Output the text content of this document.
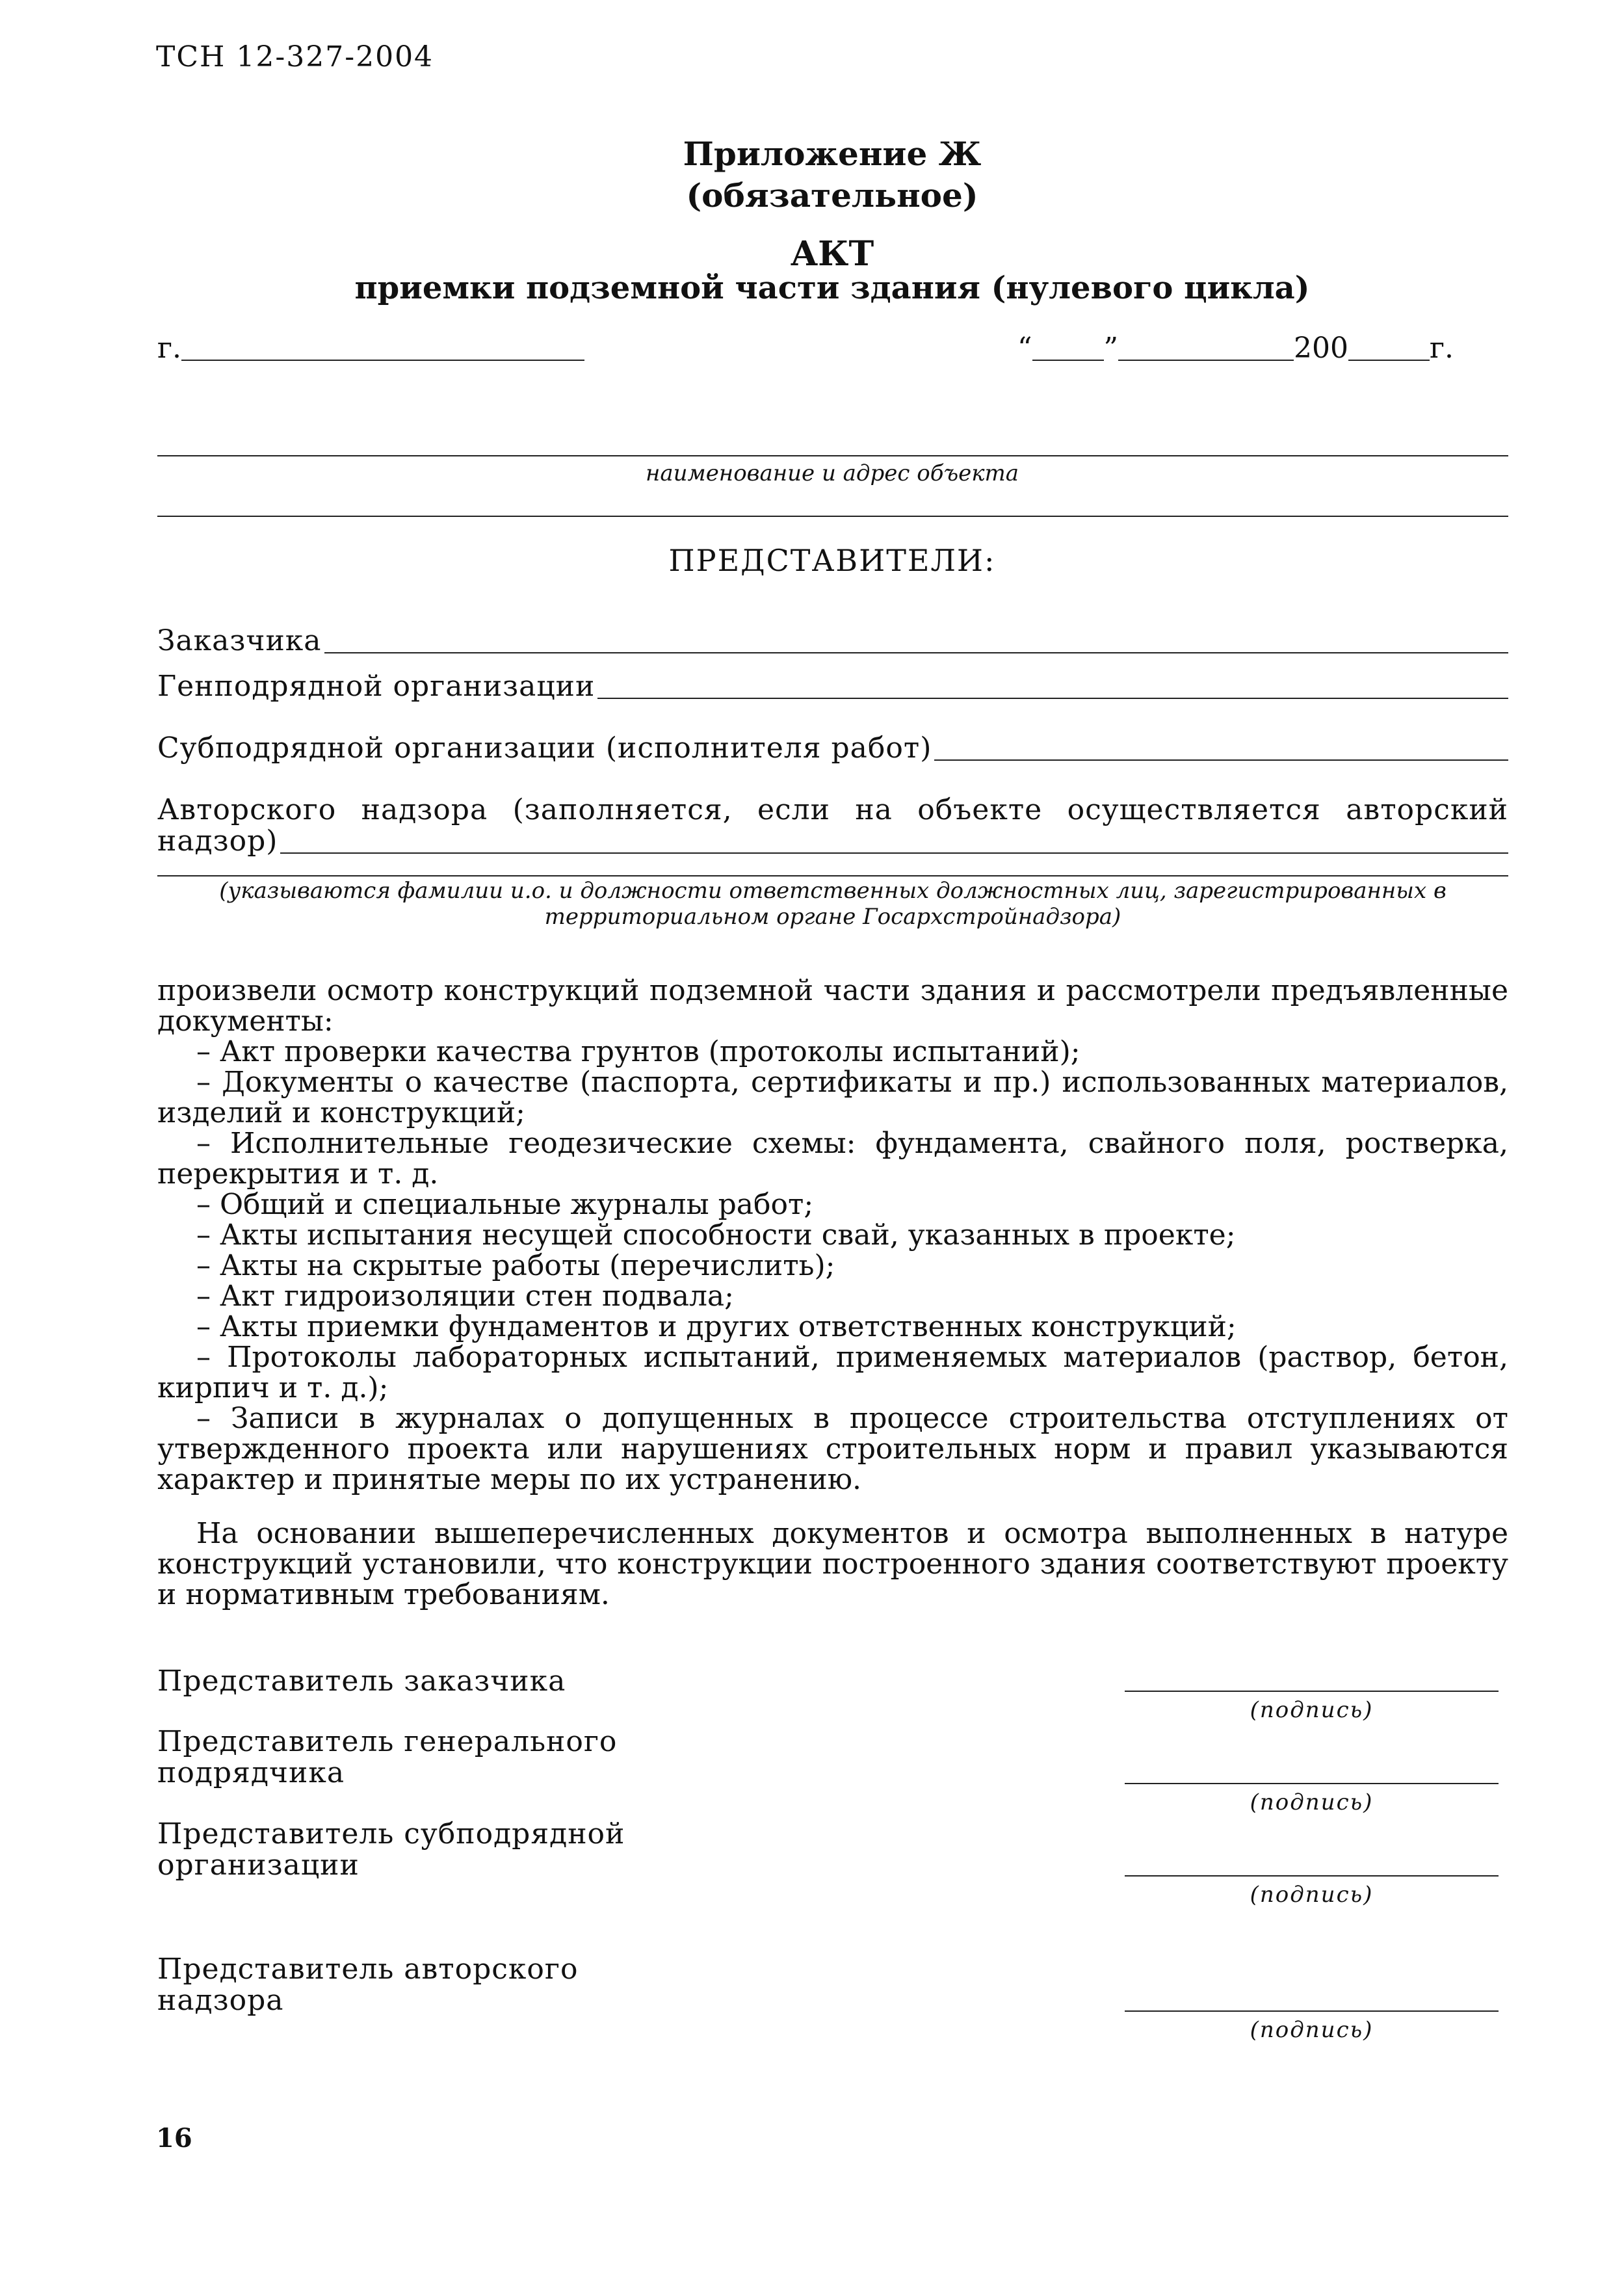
ТСН 12-327-2004
Приложение Ж
(обязательное)
АКТ
приемки подземной части здания (нулевого цикла)
г.	“	”	200	г.
наименование и адрес объекта
ПРЕДСТАВИТЕЛИ:
Заказчика
Генподрядной организации
Субподрядной организации (исполнителя работ)
Авторского надзора (заполняется, если на объекте осуществляется авторский
надзор)
(указываются фамилии и.о. и должности ответственных должностных лиц, зарегистрированных в
территориальном органе Госархстройнадзора)

произвели осмотр конструкций подземной части здания и рассмотрели предъявленные

документы:

– Акт проверки качества грунтов (протоколы испытаний);

– Документы о качестве (паспорта, сертификаты и пр.) использованных материалов,

изделий и конструкций;

– Исполнительные геодезические схемы: фундамента, свайного поля, ростверка,

перекрытия и т. д.

– Общий и специальные журналы работ;

– Акты испытания несущей способности свай, указанных в проекте;

– Акты на скрытые работы (перечислить);

– Акт гидроизоляции стен подвала;

– Акты приемки фундаментов и других ответственных конструкций;

– Протоколы лабораторных испытаний, применяемых материалов (раствор, бетон,

кирпич и т. д.);

– Записи в журналах о допущенных в процессе строительства отступлениях от

утвержденного проекта или нарушениях строительных норм и правил указываются

характер и принятые меры по их устранению.

На основании вышеперечисленных документов и осмотра выполненных в натуре

конструкций установили, что конструкции построенного здания соответствуют проекту

и нормативным требованиям.

Представитель заказчика
(подпись)
Представитель генерального
подрядчика
(подпись)
Представитель субподрядной
организации
(подпись)
Представитель авторского
надзора
(подпись)
16
